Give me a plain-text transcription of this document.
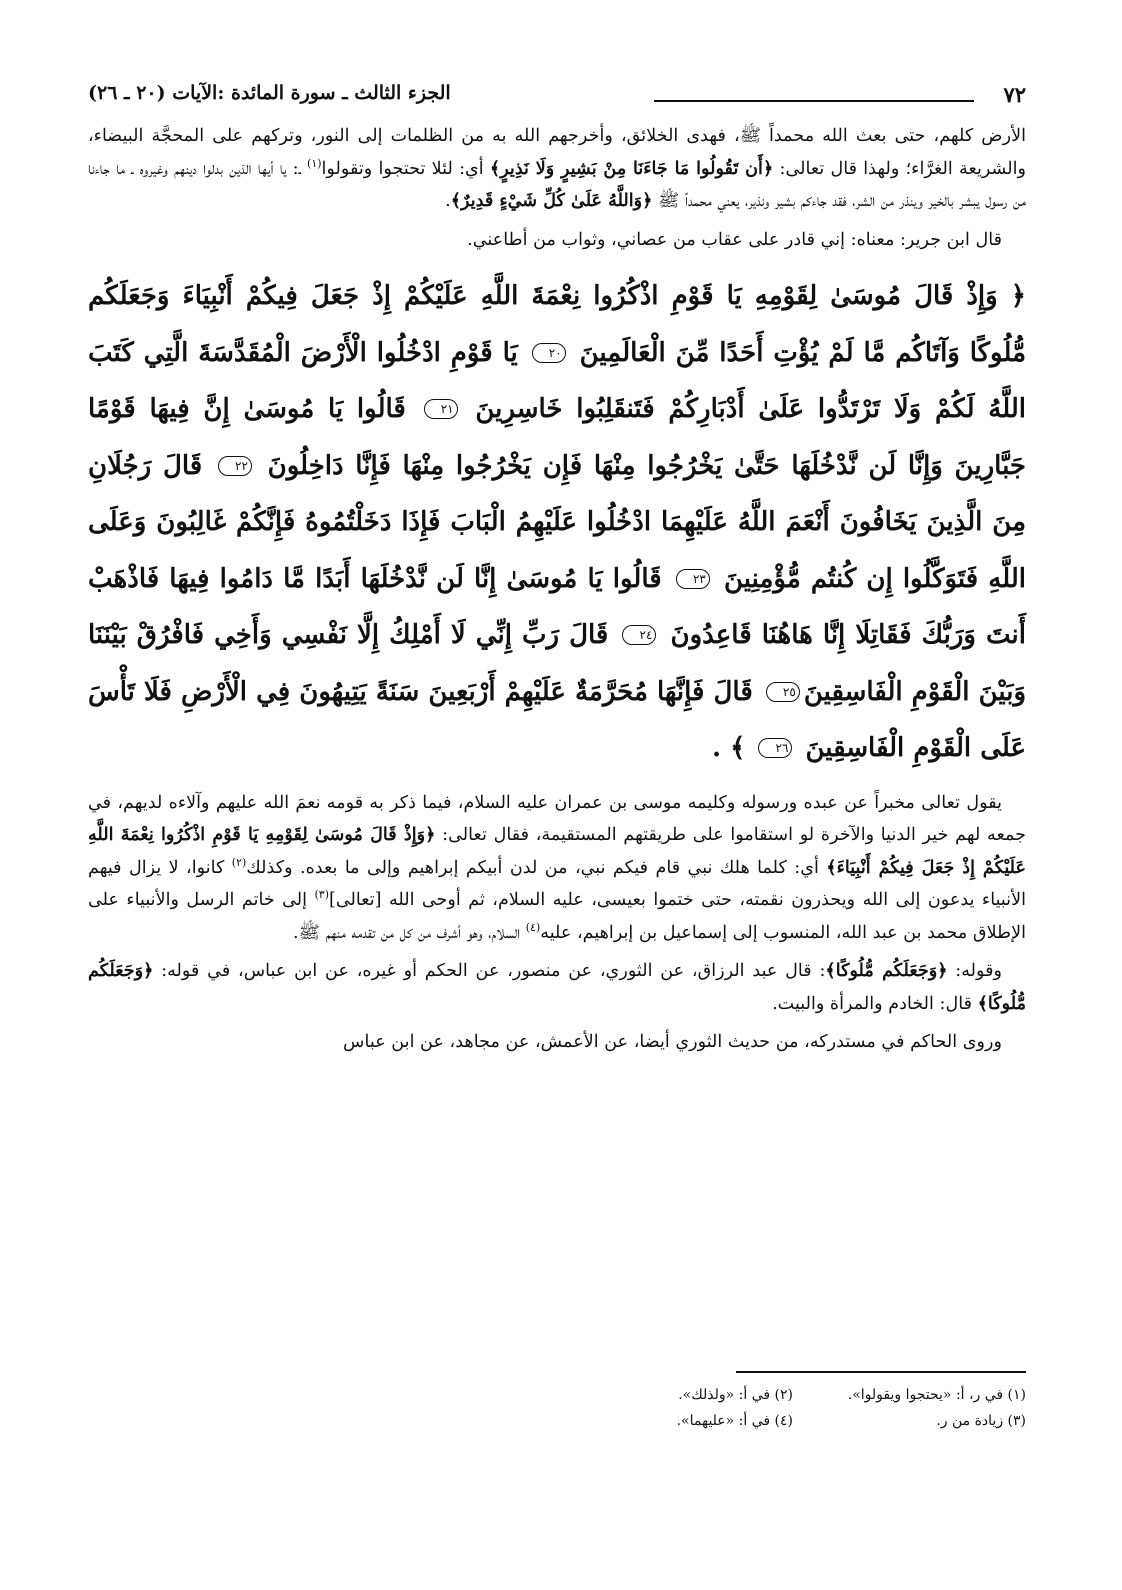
٧٢
الجزء الثالث ـ سورة المائدة :الآيات (٢٠ ـ ٢٦)

الأرض كلهم، حتى بعث الله محمداً ﷺ، فهدى الخلائق، وأخرجهم الله به من الظلمات إلى النور، وتركهم على المحجَّة البيضاء، والشريعة الغرَّاء؛ ولهذا قال تعالى: ﴿أَن تَقُولُوا مَا جَاءَنَا مِنْ بَشِيرٍ وَلَا نَذِيرٍ﴾ أي: لئلا تحتجوا وتقولوا$^{(١)}$ ـ: يا أيها الذين بدلوا دينهم وغيروه ـ ما جاءنا من رسول يبشر بالخير وينذر من الشر، فقد جاءكم بشير ونذير، يعني محمداً ﷺ ﴿وَاللَّهُ عَلَىٰ كُلِّ شَيْءٍ قَدِيرٌ﴾.

قال ابن جرير: معناه: إني قادر على عقاب من عصاني، وثواب من أطاعني.

﴿ وَإِذْ قَالَ مُوسَىٰ لِقَوْمِهِ يَا قَوْمِ اذْكُرُوا نِعْمَةَ اللَّهِ عَلَيْكُمْ إِذْ جَعَلَ فِيكُمْ أَنْبِيَاءَ وَجَعَلَكُم مُّلُوكًا وَآتَاكُم مَّا لَمْ يُؤْتِ أَحَدًا مِّنَ الْعَالَمِينَ ٢٠ يَا قَوْمِ ادْخُلُوا الْأَرْضَ الْمُقَدَّسَةَ الَّتِي كَتَبَ اللَّهُ لَكُمْ وَلَا تَرْتَدُّوا عَلَىٰ أَدْبَارِكُمْ فَتَنقَلِبُوا خَاسِرِينَ ٢١ قَالُوا يَا مُوسَىٰ إِنَّ فِيهَا قَوْمًا جَبَّارِينَ وَإِنَّا لَن نَّدْخُلَهَا حَتَّىٰ يَخْرُجُوا مِنْهَا فَإِن يَخْرُجُوا مِنْهَا فَإِنَّا دَاخِلُونَ ٢٢ قَالَ رَجُلَانِ مِنَ الَّذِينَ يَخَافُونَ أَنْعَمَ اللَّهُ عَلَيْهِمَا ادْخُلُوا عَلَيْهِمُ الْبَابَ فَإِذَا دَخَلْتُمُوهُ فَإِنَّكُمْ غَالِبُونَ وَعَلَى اللَّهِ فَتَوَكَّلُوا إِن كُنتُم مُّؤْمِنِينَ ٢٣ قَالُوا يَا مُوسَىٰ إِنَّا لَن نَّدْخُلَهَا أَبَدًا مَّا دَامُوا فِيهَا فَاذْهَبْ أَنتَ وَرَبُّكَ فَقَاتِلَا إِنَّا هَاهُنَا قَاعِدُونَ ٢٤ قَالَ رَبِّ إِنِّي لَا أَمْلِكُ إِلَّا نَفْسِي وَأَخِي فَافْرُقْ بَيْنَنَا وَبَيْنَ الْقَوْمِ الْفَاسِقِينَ٢٥ قَالَ فَإِنَّهَا مُحَرَّمَةٌ عَلَيْهِمْ أَرْبَعِينَ سَنَةً يَتِيهُونَ فِي الْأَرْضِ فَلَا تَأْسَ عَلَى الْقَوْمِ الْفَاسِقِينَ ٢٦ ﴾ .

يقول تعالى مخبراً عن عبده ورسوله وكليمه موسى بن عمران عليه السلام، فيما ذكر به قومه نعمَ الله عليهم وآلاءه لديهم، في جمعه لهم خير الدنيا والآخرة لو استقاموا على طريقتهم المستقيمة، فقال تعالى: ﴿وَإِذْ قَالَ مُوسَىٰ لِقَوْمِهِ يَا قَوْمِ اذْكُرُوا نِعْمَةَ اللَّهِ عَلَيْكُمْ إِذْ جَعَلَ فِيكُمْ أَنْبِيَاءَ﴾ أي: كلما هلك نبي قام فيكم نبي، من لدن أبيكم إبراهيم وإلى ما بعده. وكذلك$^{(٢)}$ كانوا، لا يزال فيهم الأنبياء يدعون إلى الله ويحذرون نقمته، حتى ختموا بعيسى، عليه السلام، ثم أوحى الله [تعالى]$^{(٣)}$ إلى خاتم الرسل والأنبياء على الإطلاق محمد بن عبد الله، المنسوب إلى إسماعيل بن إبراهيم، عليه$^{(٤)}$ السلام، وهو أشرف من كل من تقدمه منهم ﷺ.

وقوله: ﴿وَجَعَلَكُم مُّلُوكًا﴾: قال عبد الرزاق، عن الثوري، عن منصور، عن الحكم أو غيره، عن ابن عباس، في قوله: ﴿وَجَعَلَكُم مُّلُوكًا﴾ قال: الخادم والمرأة والبيت.

وروى الحاكم في مستدركه، من حديث الثوري أيضا، عن الأعمش، عن مجاهد، عن ابن عباس

(١) في ر، أ: «يحتجوا ويقولوا».
(٢) في أ: «ولذلك».
(٣) زيادة من ر.
(٤) في أ: «عليهما».
